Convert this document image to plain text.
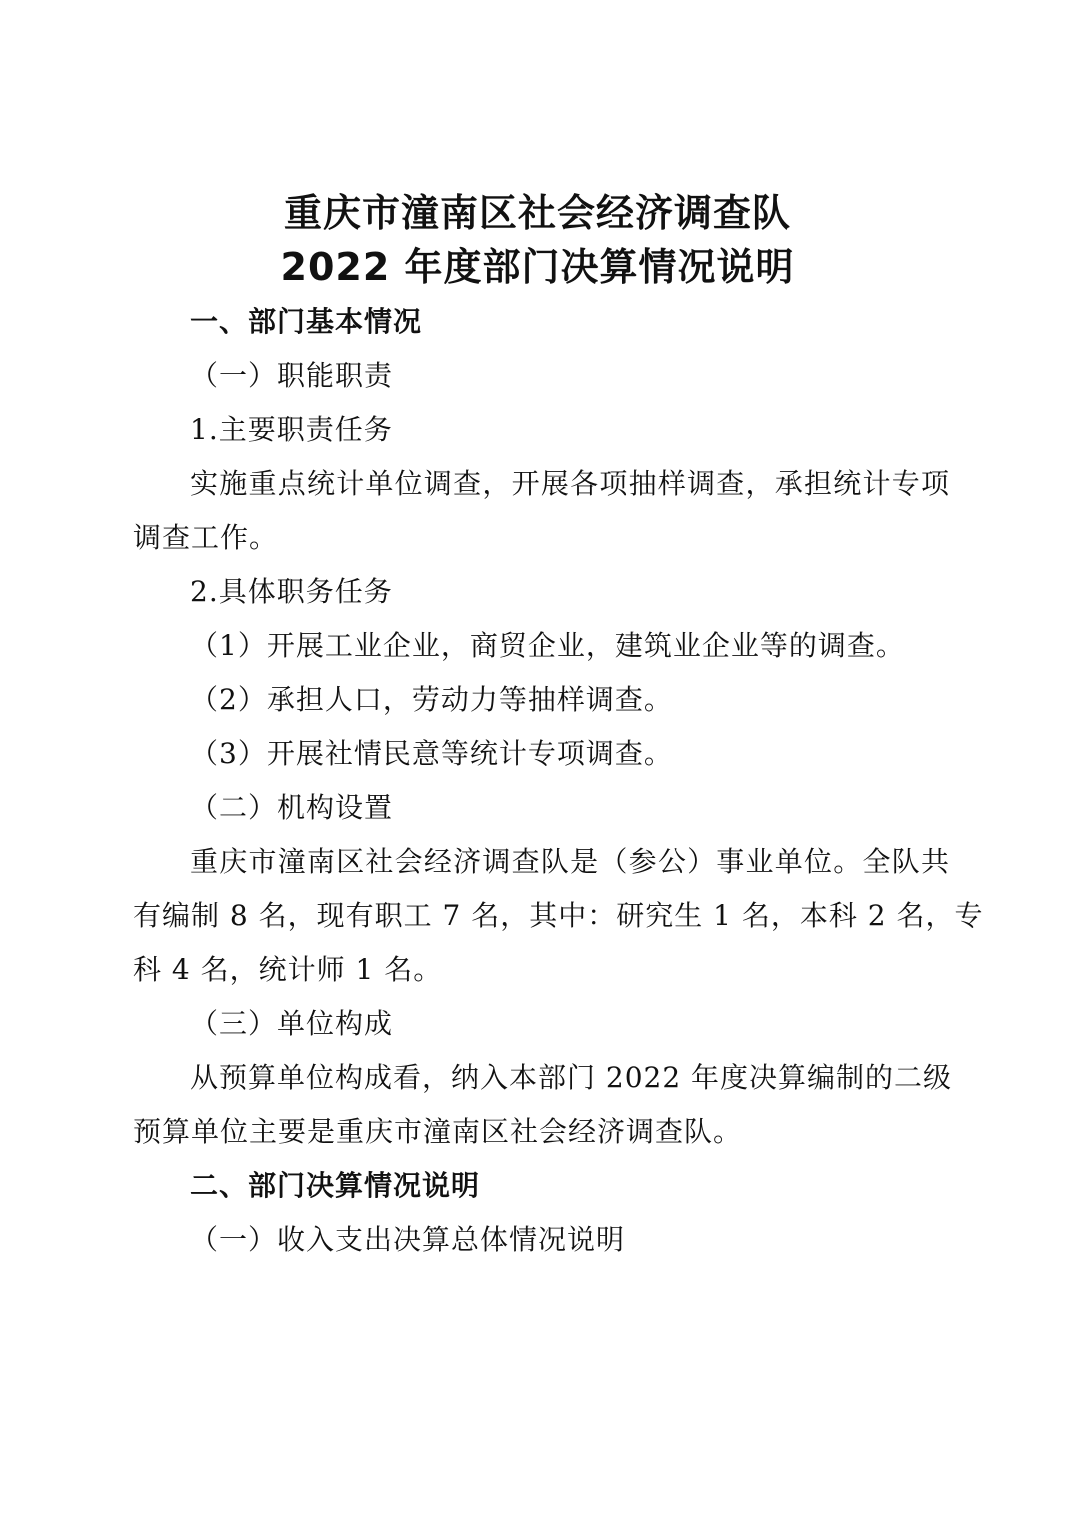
重庆市潼南区社会经济调查队
2022 年度部门决算情况说明
一、部门基本情况
（一）职能职责
1.主要职责任务
实施重点统计单位调查，开展各项抽样调查，承担统计专项
调查工作。
2.具体职务任务
（1）开展工业企业，商贸企业，建筑业企业等的调查。
（2）承担人口，劳动力等抽样调查。
（3）开展社情民意等统计专项调查。
（二）机构设置
重庆市潼南区社会经济调查队是（参公）事业单位。全队共
有编制 8 名，现有职工 7 名，其中：研究生 1 名，本科 2 名，专
科 4 名，统计师 1 名。
（三）单位构成
从预算单位构成看，纳入本部门 2022 年度决算编制的二级
预算单位主要是重庆市潼南区社会经济调查队。
二、部门决算情况说明
（一）收入支出决算总体情况说明
